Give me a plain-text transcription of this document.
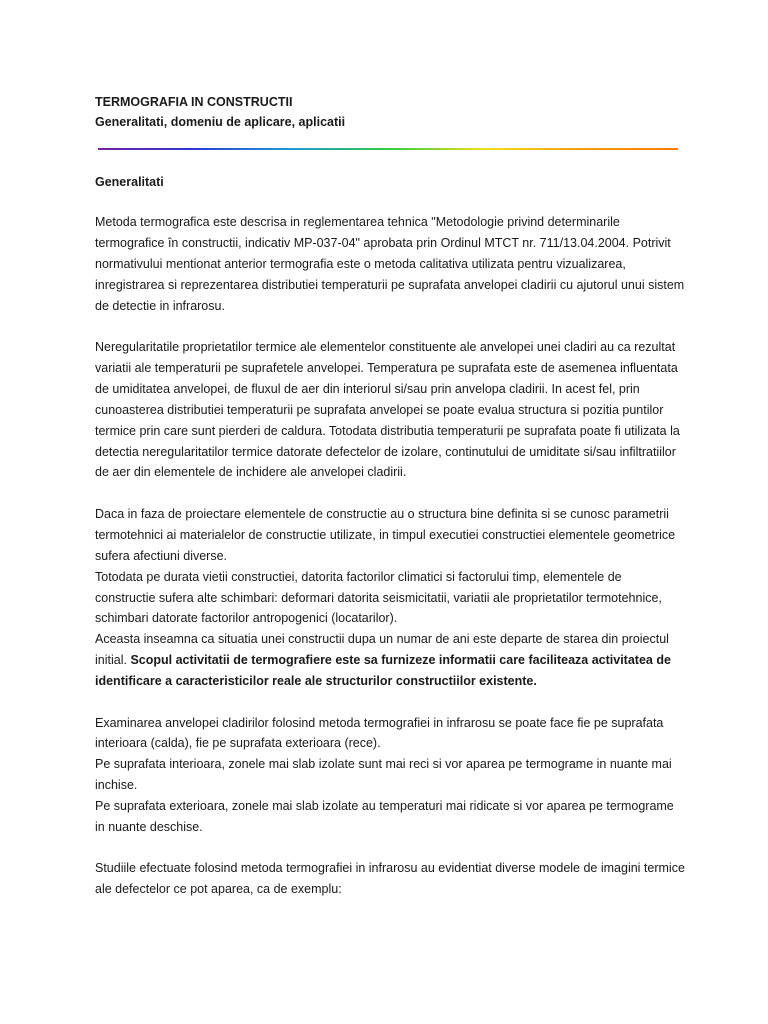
TERMOGRAFIA IN CONSTRUCTII

Generalitati, domeniu de aplicare, aplicatii

Generalitati

Metoda termografica este descrisa in reglementarea tehnica "Metodologie privind determinarile termografice în constructii, indicativ MP-037-04" aprobata prin Ordinul MTCT nr. 711/13.04.2004. Potrivit normativului mentionat anterior termografia este o metoda calitativa utilizata pentru vizualizarea, inregistrarea si reprezentarea distributiei temperaturii pe suprafata anvelopei cladirii cu ajutorul unui sistem de detectie in infrarosu.

Neregularitatile proprietatilor termice ale elementelor constituente ale anvelopei unei cladiri au ca rezultat variatii ale temperaturii pe suprafetele anvelopei. Temperatura pe suprafata este de asemenea influentata de umiditatea anvelopei, de fluxul de aer din interiorul si/sau prin anvelopa cladirii. In acest fel, prin cunoasterea distributiei temperaturii pe suprafata anvelopei se poate evalua structura si pozitia puntilor termice prin care sunt pierderi de caldura. Totodata distributia temperaturii pe suprafata poate fi utilizata la detectia neregularitatilor termice datorate defectelor de izolare, continutului de umiditate si/sau infiltratiilor de aer din elementele de inchidere ale anvelopei cladirii.

Daca in faza de proiectare elementele de constructie au o structura bine definita si se cunosc parametrii termotehnici ai materialelor de constructie utilizate, in timpul executiei constructiei elementele geometrice sufera afectiuni diverse.

Totodata pe durata vietii constructiei, datorita factorilor climatici si factorului timp, elementele de constructie sufera alte schimbari: deformari datorita seismicitatii, variatii ale proprietatilor termotehnice, schimbari datorate factorilor antropogenici (locatarilor).

Aceasta inseamna ca situatia unei constructii dupa un numar de ani este departe de starea din proiectul initial. Scopul activitatii de termografiere este sa furnizeze informatii care faciliteaza activitatea de identificare a caracteristicilor reale ale structurilor constructiilor existente.

Examinarea anvelopei cladirilor folosind metoda termografiei in infrarosu se poate face fie pe suprafata interioara (calda), fie pe suprafata exterioara (rece).

Pe suprafata interioara, zonele mai slab izolate sunt mai reci si vor aparea pe termograme in nuante mai inchise.

Pe suprafata exterioara, zonele mai slab izolate au temperaturi mai ridicate si vor aparea pe termograme in nuante deschise.

Studiile efectuate folosind metoda termografiei in infrarosu au evidentiat diverse modele de imagini termice ale defectelor ce pot aparea, ca de exemplu:
